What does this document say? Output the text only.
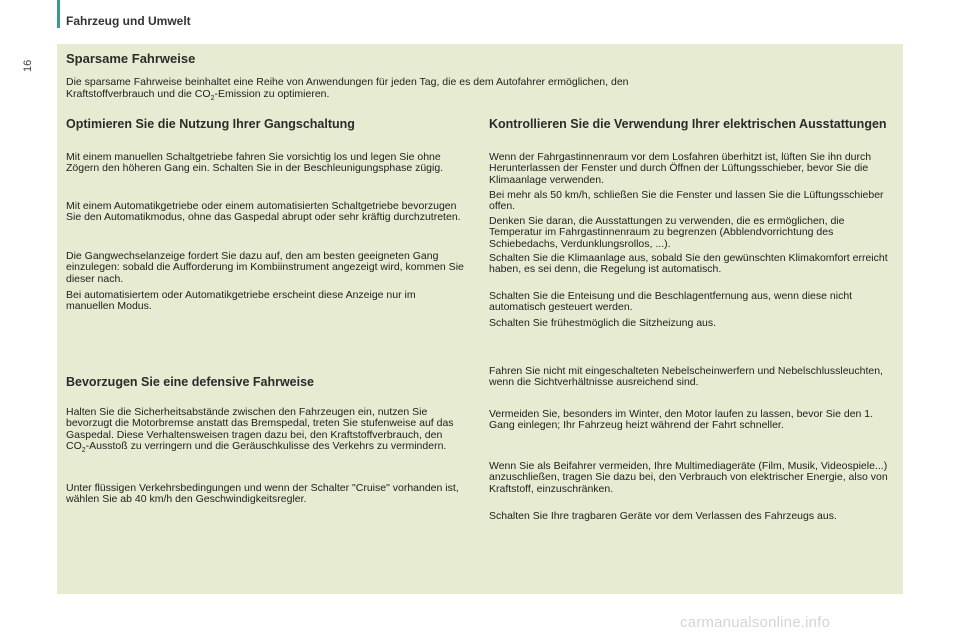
Fahrzeug und Umwelt
16 Sparsame Fahrweise
Die sparsame Fahrweise beinhaltet eine Reihe von Anwendungen für jeden Tag, die es dem Autofahrer ermöglichen, den
Kraftstoffverbrauch und die $CO_2$-Emission zu optimieren.
Optimieren Sie die Nutzung Ihrer Gangschaltung
Mit einem manuellen Schaltgetriebe fahren Sie vorsichtig los und legen Sie ohne Zögern den höheren Gang ein. Schalten Sie in der Beschleunigungsphase zügig.
Mit einem Automatikgetriebe oder einem automatisierten Schaltgetriebe bevorzugen Sie den Automatikmodus, ohne das Gaspedal abrupt oder sehr kräftig durchzutreten.
Die Gangwechselanzeige fordert Sie dazu auf, den am besten geeigneten Gang einzulegen: sobald die Aufforderung im Kombiinstrument angezeigt wird, kommen Sie dieser nach.
Bei automatisiertem oder Automatikgetriebe erscheint diese Anzeige nur im manuellen Modus.
Bevorzugen Sie eine defensive Fahrweise
Halten Sie die Sicherheitsabstände zwischen den Fahrzeugen ein, nutzen Sie bevorzugt die Motorbremse anstatt das Bremspedal, treten Sie stufenweise auf das Gaspedal. Diese Verhaltensweisen tragen dazu bei, den Kraftstoffverbrauch, den $CO_2$-Ausstoß zu verringern und die Geräuschkulisse des Verkehrs zu vermindern.
Unter flüssigen Verkehrsbedingungen und wenn der Schalter "Cruise" vorhanden ist, wählen Sie ab 40 km/h den Geschwindigkeitsregler.
Kontrollieren Sie die Verwendung Ihrer elektrischen Ausstattungen
Wenn der Fahrgastinnenraum vor dem Losfahren überhitzt ist, lüften Sie ihn durch Herunterlassen der Fenster und durch Öffnen der Lüftungsschieber, bevor Sie die Klimaanlage verwenden.
Bei mehr als 50 km/h, schließen Sie die Fenster und lassen Sie die Lüftungsschieber offen.
Denken Sie daran, die Ausstattungen zu verwenden, die es ermöglichen, die Temperatur im Fahrgastinnenraum zu begrenzen (Abblendvorrichtung des Schiebedachs, Verdunklungsrollos, ...).
Schalten Sie die Klimaanlage aus, sobald Sie den gewünschten Klimakomfort erreicht haben, es sei denn, die Regelung ist automatisch.
Schalten Sie die Enteisung und die Beschlagentfernung aus, wenn diese nicht automatisch gesteuert werden.
Schalten Sie frühestmöglich die Sitzheizung aus.
Fahren Sie nicht mit eingeschalteten Nebelscheinwerfern und Nebelschlussleuchten, wenn die Sichtverhältnisse ausreichend sind.
Vermeiden Sie, besonders im Winter, den Motor laufen zu lassen, bevor Sie den 1. Gang einlegen; Ihr Fahrzeug heizt während der Fahrt schneller.
Wenn Sie als Beifahrer vermeiden, Ihre Multimediageräte (Film, Musik, Videospiele...) anzuschließen, tragen Sie dazu bei, den Verbrauch von elektrischer Energie, also von Kraftstoff, einzuschränken.
Schalten Sie Ihre tragbaren Geräte vor dem Verlassen des Fahrzeugs aus.
carmanualsonline.info
